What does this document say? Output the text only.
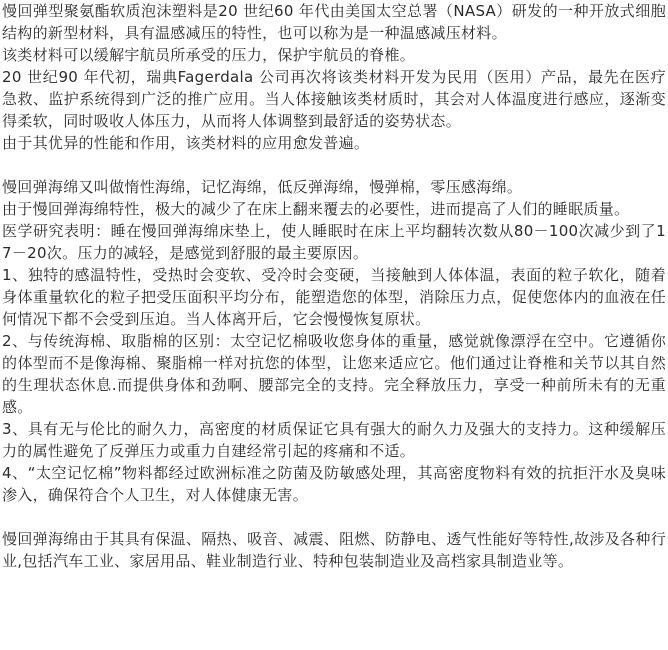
慢回弹型聚氨酯软质泡沫塑料是20 世纪60 年代由美国太空总署（NASA）研发的一种开放式细胞结构的新型材料，具有温感减压的特性，也可以称为是一种温感减压材料。

该类材料可以缓解宇航员所承受的压力，保护宇航员的脊椎。

20 世纪90 年代初，瑞典Fagerdala 公司再次将该类材料开发为民用（医用）产品，最先在医疗急救、监护系统得到广泛的推广应用。当人体接触该类材质时，其会对人体温度进行感应，逐渐变得柔软，同时吸收人体压力，从而将人体调整到最舒适的姿势状态。

由于其优异的性能和作用，该类材料的应用愈发普遍。

慢回弹海绵又叫做惰性海绵，记忆海绵，低反弹海绵，慢弹棉，零压感海绵。

由于慢回弹海绵特性，极大的减少了在床上翻来覆去的必要性，进而提高了人们的睡眠质量。

医学研究表明：睡在慢回弹海绵床垫上，使人睡眠时在床上平均翻转次数从80－100次减少到了17－20次。压力的减轻，是感觉到舒服的最主要原因。

1、独特的感温特性，受热时会变软、受冷时会变硬，当接触到人体体温，表面的粒子软化，随着身体重量软化的粒子把受压面积平均分布，能塑造您的体型，消除压力点，促使您体内的血液在任何情况下都不会受到压迫。当人体离开后，它会慢慢恢复原状。

2、与传统海棉、取脂棉的区别：太空记忆棉吸收您身体的重量，感觉就像漂浮在空中。它遵循你的体型而不是像海棉、聚脂棉一样对抗您的体型，让您来适应它。他们通过让脊椎和关节以其自然的生理状态休息.而提供身体和劲啊、腰部完全的支持。完全释放压力，享受一种前所未有的无重感。

3、具有无与伦比的耐久力，高密度的材质保证它具有强大的耐久力及强大的支持力。这种缓解压力的属性避免了反弹压力或重力自建经常引起的疼痛和不适。

4、“太空记忆棉”物料都经过欧洲标准之防菌及防敏感处理，其高密度物料有效的抗拒汗水及臭味渗入，确保符合个人卫生，对人体健康无害。

慢回弹海绵由于其具有保温、隔热、吸音、减震、阻燃、防静电、透气性能好等特性,故涉及各种行业,包括汽车工业、家居用品、鞋业制造行业、特种包装制造业及高档家具制造业等。
